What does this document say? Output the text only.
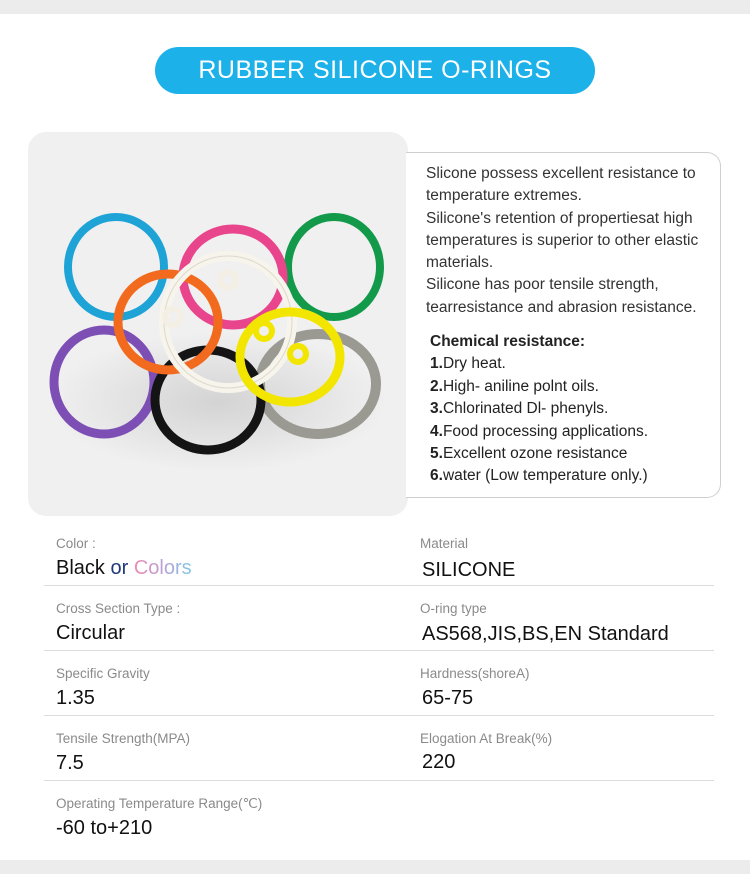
RUBBER SILICONE O-RINGS

Slicone possess excellent resistance to temperature extremes.

Silicone's retention of propertiesat high temperatures is superior to other elastic materials.

Silicone has poor tensile strength, tearresistance and abrasion resistance.

Chemical resistance:
1.Dry heat.
2.High- aniline polnt oils.
3.Chlorinated Dl- phenyls.
4.Food processing applications.
5.Excellent ozone resistance
6.water (Low temperature only.)
Color :
Black or Colors
Material
SILICONE
Cross Section Type :
Circular
O-ring type
AS568,JIS,BS,EN Standard
Specific Gravity
1.35
Hardness(shoreA)
65-75
Tensile Strength(MPA)
7.5
Elogation At Break(%)
220
Operating Temperature Range(℃)
-60 to+210
